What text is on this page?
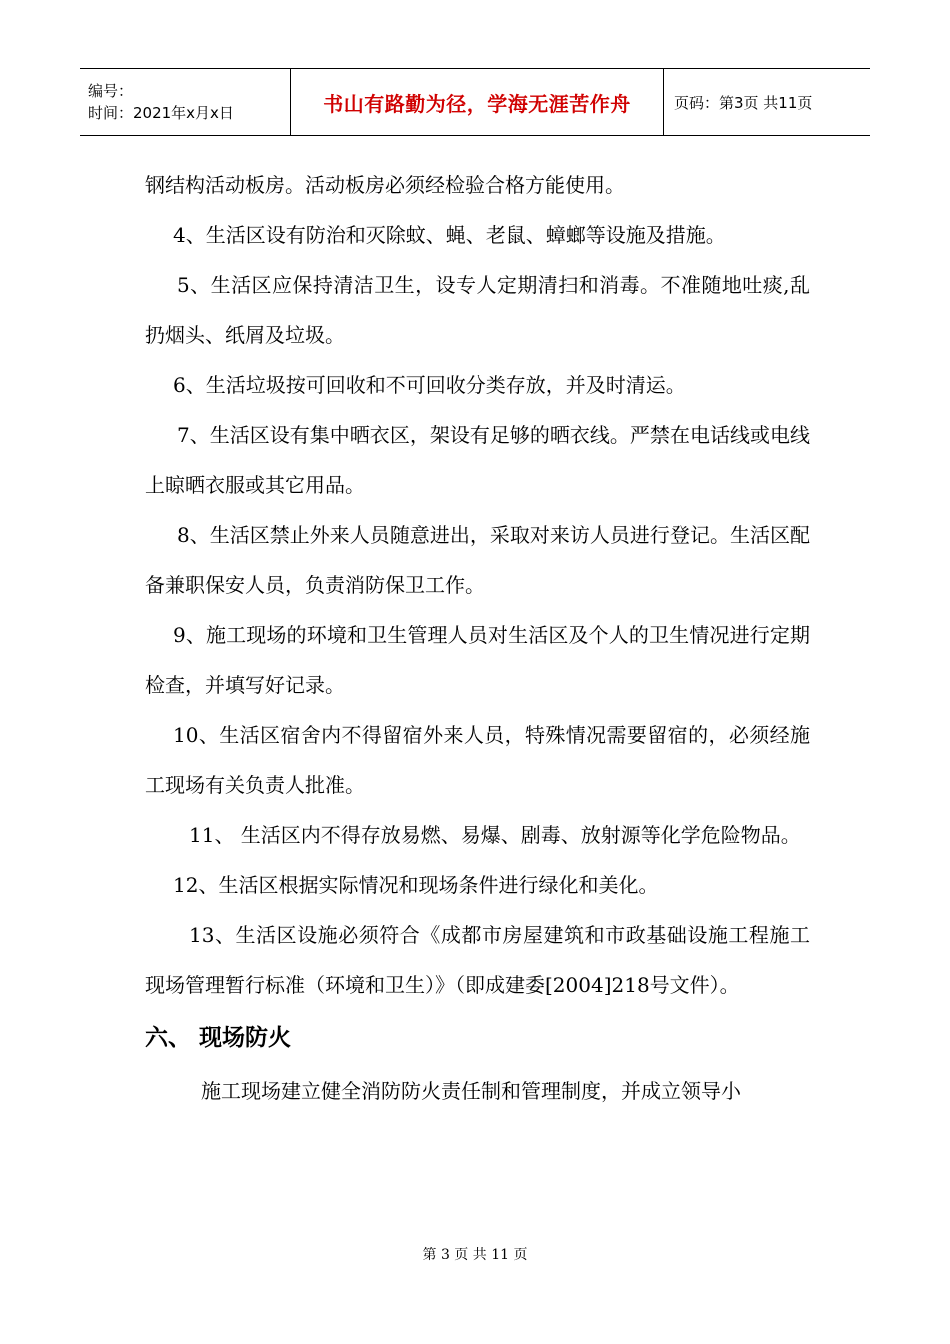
编号：
时间：2021年x月x日	书山有路勤为径，学海无涯苦作舟	页码：第3页 共11页

钢结构活动板房。活动板房必须经检验合格方能使用。

4、生活区设有防治和灭除蚊、蝇、老鼠、蟑螂等设施及措施。

5、生活区应保持清洁卫生，设专人定期清扫和消毒。不准随地吐痰,乱扔烟头、纸屑及垃圾。

6、生活垃圾按可回收和不可回收分类存放，并及时清运。

7、生活区设有集中晒衣区，架设有足够的晒衣线。严禁在电话线或电线上晾晒衣服或其它用品。

8、生活区禁止外来人员随意进出，采取对来访人员进行登记。生活区配备兼职保安人员，负责消防保卫工作。

9、施工现场的环境和卫生管理人员对生活区及个人的卫生情况进行定期检查，并填写好记录。

10、生活区宿舍内不得留宿外来人员，特殊情况需要留宿的，必须经施工现场有关负责人批准。

11、 生活区内不得存放易燃、易爆、剧毒、放射源等化学危险物品。

12、生活区根据实际情况和现场条件进行绿化和美化。

13、生活区设施必须符合《成都市房屋建筑和市政基础设施工程施工现场管理暂行标准（环境和卫生）》（即成建委[2004]218号文件）。

六、 现场防火

施工现场建立健全消防防火责任制和管理制度，并成立领导小

第 3 页 共 11 页
